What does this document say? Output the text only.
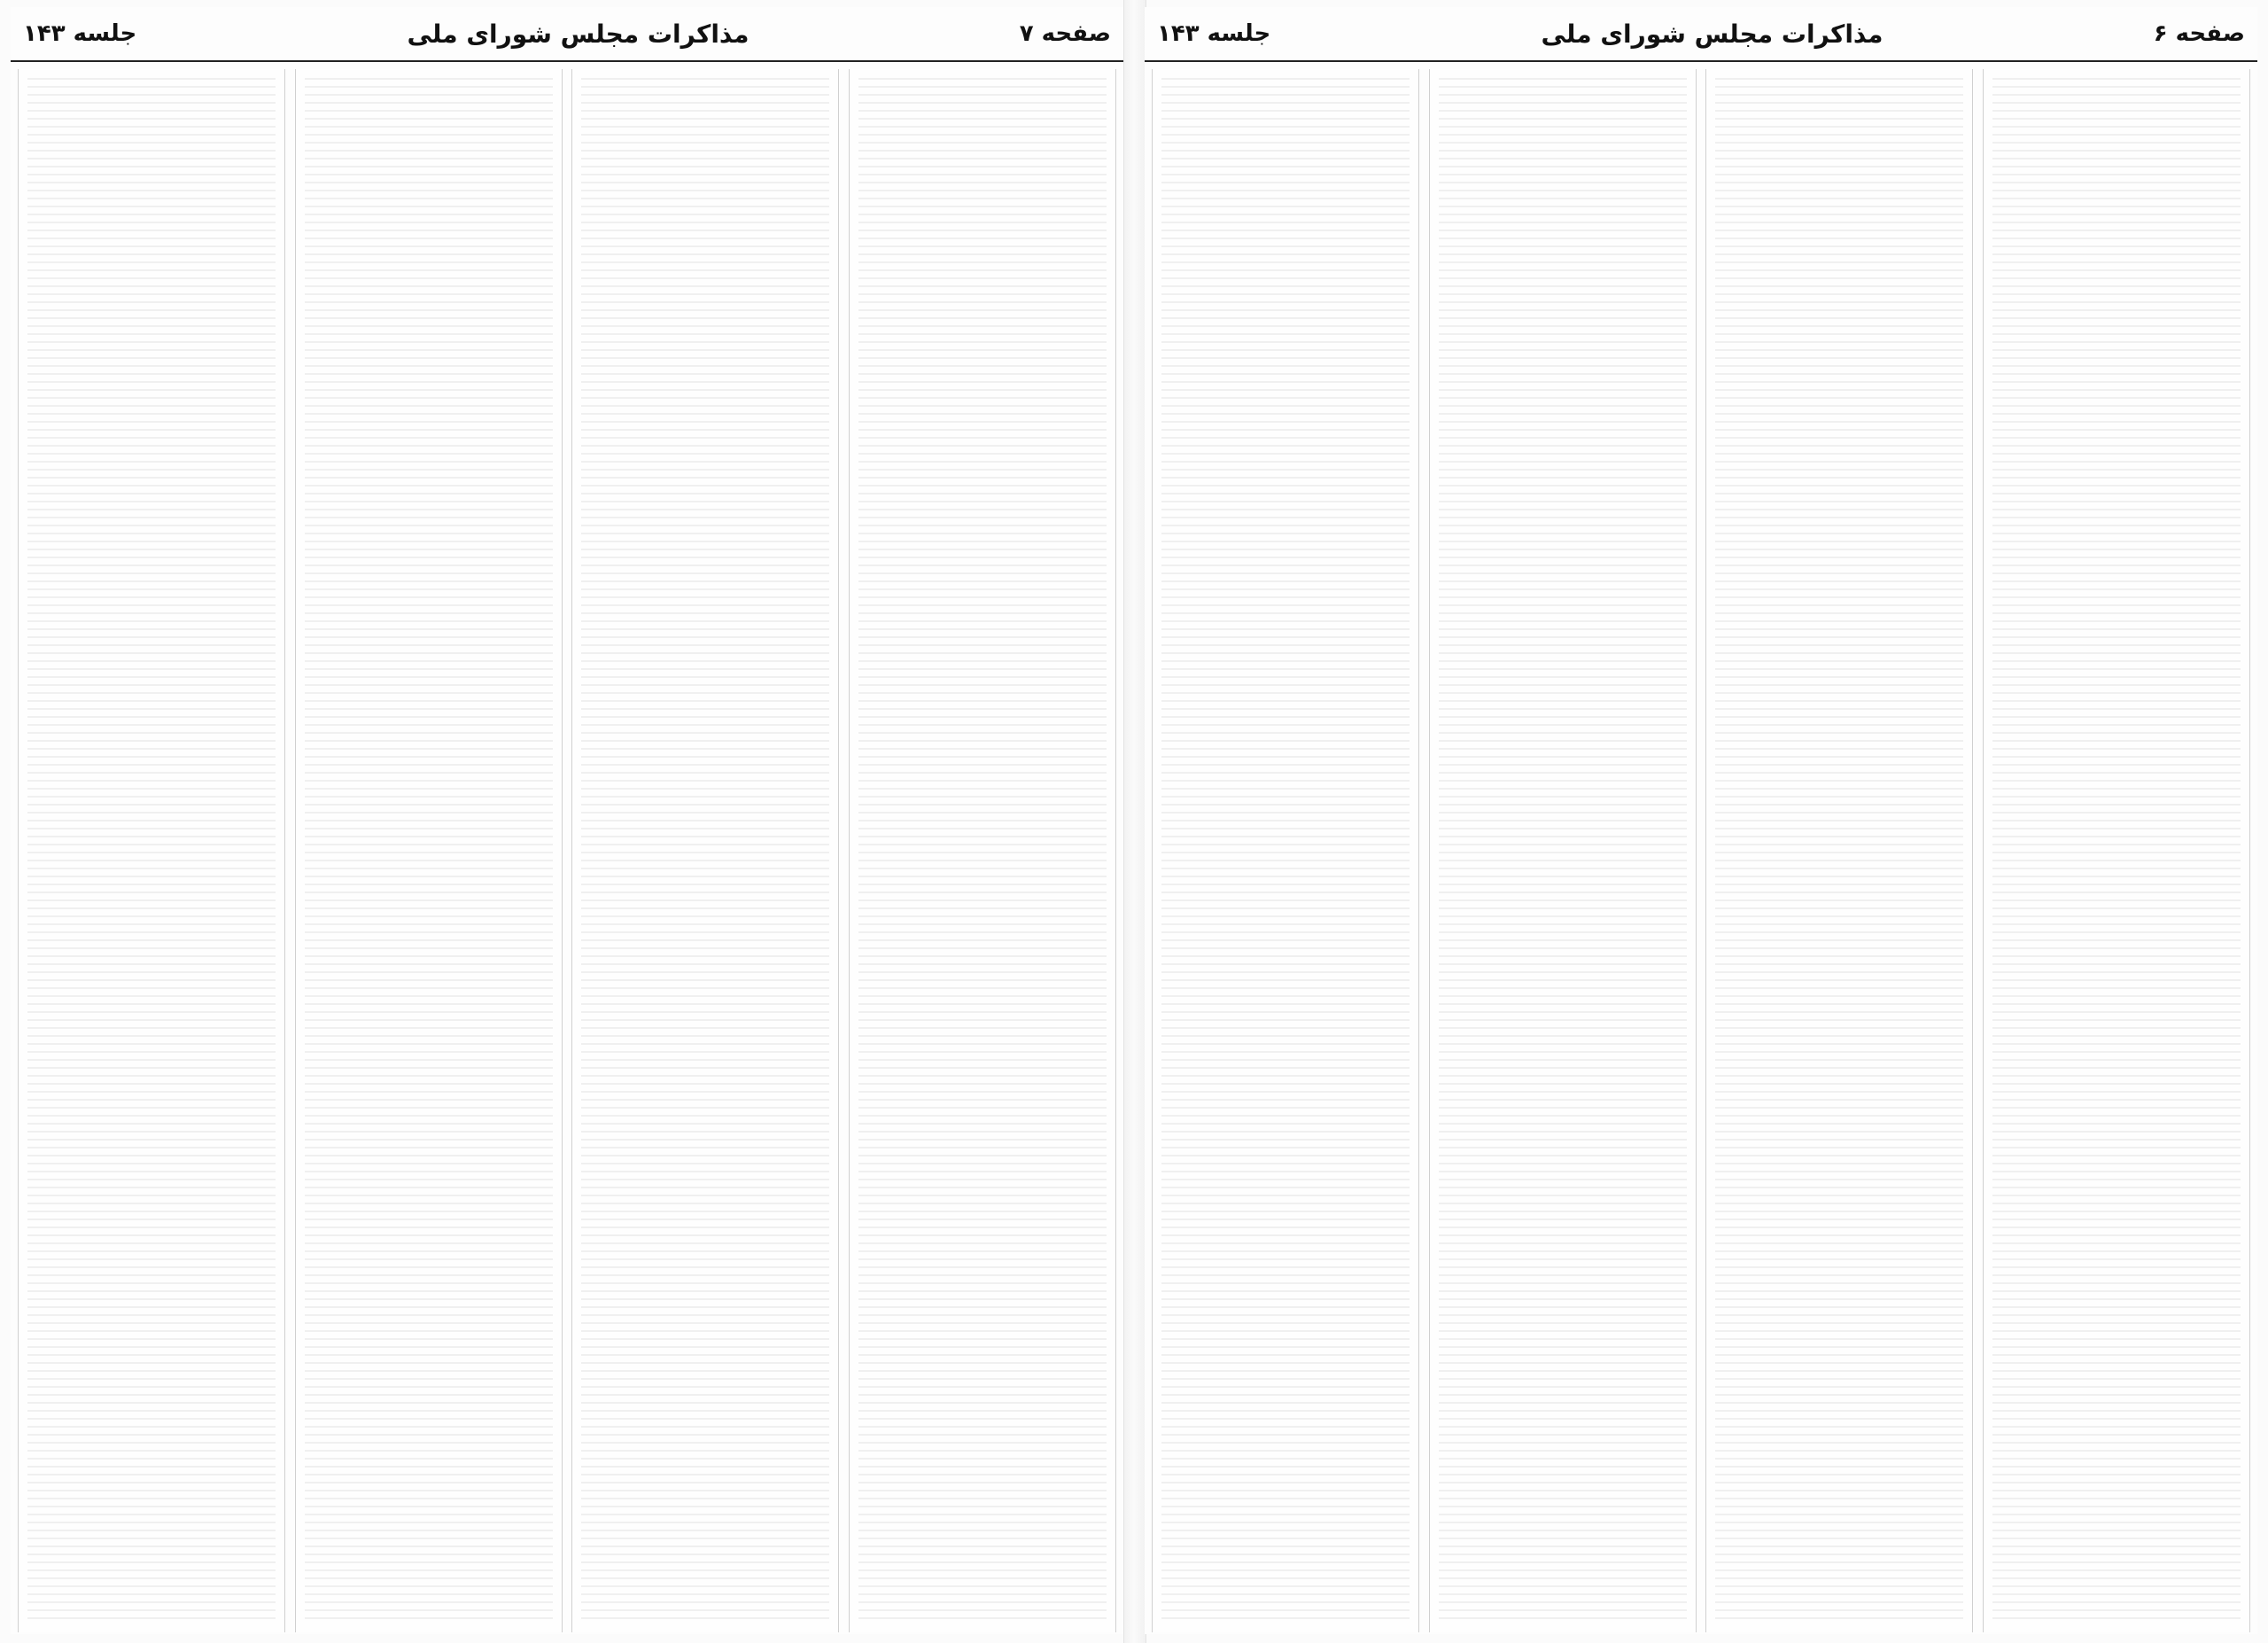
صفحه ۷
مذاکرات مجلس شورای ملی
جلسه ۱۴۳	صفحه ۶
مذاکرات مجلس شورای ملی
جلسه ۱۴۳
